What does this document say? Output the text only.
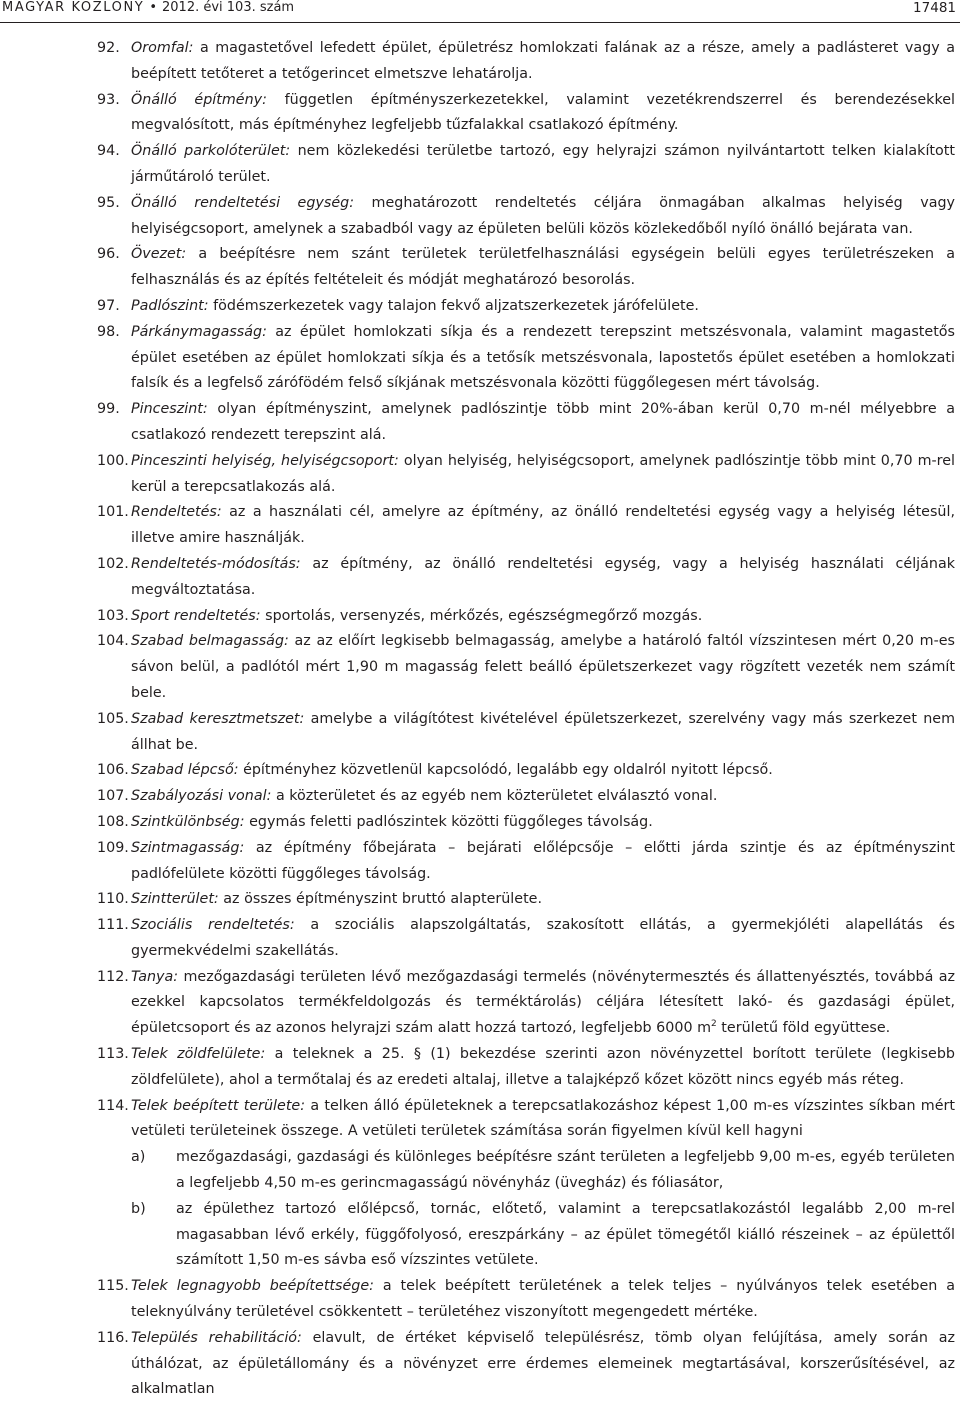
MAGYAR KÖZLÖNY • 2012. évi 103. szám	17481
92. Oromfal: a magastetővel lefedett épület, épületrész homlokzati falának az a része, amely a padlásteret vagy a beépített tetőteret a tetőgerincet elmetszve lehatárolja.
93. Önálló építmény: független építményszerkezetekkel, valamint vezetékrendszerrel és berendezésekkel megvalósított, más építményhez legfeljebb tűzfalakkal csatlakozó építmény.
94. Önálló parkolóterület: nem közlekedési területbe tartozó, egy helyrajzi számon nyilvántartott telken kialakított járműtároló terület.
95. Önálló rendeltetési egység: meghatározott rendeltetés céljára önmagában alkalmas helyiség vagy helyiségcsoport, amelynek a szabadból vagy az épületen belüli közös közlekedőből nyíló önálló bejárata van.
96. Övezet: a beépítésre nem szánt területek területfelhasználási egységein belüli egyes területrészeken a felhasználás és az építés feltételeit és módját meghatározó besorolás.
97. Padlószint: födémszerkezetek vagy talajon fekvő aljzatszerkezetek járófelülete.
98. Párkánymagasság: az épület homlokzati síkja és a rendezett terepszint metszésvonala, valamint magastetős épület esetében az épület homlokzati síkja és a tetősík metszésvonala, lapostetős épület esetében a homlokzati falsík és a legfelső zárófödém felső síkjának metszésvonala közötti függőlegesen mért távolság.
99. Pinceszint: olyan építményszint, amelynek padlószintje több mint 20%-ában kerül 0,70 m-nél mélyebbre a csatlakozó rendezett terepszint alá.
100. Pinceszinti helyiség, helyiségcsoport: olyan helyiség, helyiségcsoport, amelynek padlószintje több mint 0,70 m-rel kerül a terepcsatlakozás alá.
101. Rendeltetés: az a használati cél, amelyre az építmény, az önálló rendeltetési egység vagy a helyiség létesül, illetve amire használják.
102. Rendeltetés-módosítás: az építmény, az önálló rendeltetési egység, vagy a helyiség használati céljának megváltoztatása.
103. Sport rendeltetés: sportolás, versenyzés, mérkőzés, egészségmegőrző mozgás.
104. Szabad belmagasság: az az előírt legkisebb belmagasság, amelybe a határoló faltól vízszintesen mért 0,20 m-es sávon belül, a padlótól mért 1,90 m magasság felett beálló épületszerkezet vagy rögzített vezeték nem számít bele.
105. Szabad keresztmetszet: amelybe a világítótest kivételével épületszerkezet, szerelvény vagy más szerkezet nem állhat be.
106. Szabad lépcső: építményhez közvetlenül kapcsolódó, legalább egy oldalról nyitott lépcső.
107. Szabályozási vonal: a közterületet és az egyéb nem közterületet elválasztó vonal.
108. Szintkülönbség: egymás feletti padlószintek közötti függőleges távolság.
109. Szintmagasság: az építmény főbejárata – bejárati előlépcsője – előtti járda szintje és az építményszint padlófelülete közötti függőleges távolság.
110. Szintterület: az összes építményszint bruttó alapterülete.
111. Szociális rendeltetés: a szociális alapszolgáltatás, szakosított ellátás, a gyermekjóléti alapellátás és gyermekvédelmi szakellátás.
112. Tanya: mezőgazdasági területen lévő mezőgazdasági termelés (növénytermesztés és állattenyésztés, továbbá az ezekkel kapcsolatos termékfeldolgozás és terméktárolás) céljára létesített lakó- és gazdasági épület, épületcsoport és az azonos helyrajzi szám alatt hozzá tartozó, legfeljebb 6000 $m^2$ területű föld együttese.
113. Telek zöldfelülete: a teleknek a 25. § (1) bekezdése szerinti azon növényzettel borított területe (legkisebb zöldfelülete), ahol a termőtalaj és az eredeti altalaj, illetve a talajképző kőzet között nincs egyéb más réteg.
114. Telek beépített területe: a telken álló épületeknek a terepcsatlakozáshoz képest 1,00 m-es vízszintes síkban mért vetületi területeinek összege. A vetületi területek számítása során figyelmen kívül kell hagyni
a) mezőgazdasági, gazdasági és különleges beépítésre szánt területen a legfeljebb 9,00 m-es, egyéb területen a legfeljebb 4,50 m-es gerincmagasságú növényház (üvegház) és fóliasátor,
b) az épülethez tartozó előlépcső, tornác, előtető, valamint a terepcsatlakozástól legalább 2,00 m-rel magasabban lévő erkély, függőfolyosó, ereszpárkány – az épület tömegétől kiálló részeinek – az épülettől számított 1,50 m-es sávba eső vízszintes vetülete.
115. Telek legnagyobb beépítettsége: a telek beépített területének a telek teljes – nyúlványos telek esetében a teleknyúlvány területével csökkentett – területéhez viszonyított megengedett mértéke.
116. Település rehabilitáció: elavult, de értéket képviselő településrész, tömb olyan felújítása, amely során az úthálózat, az épületállomány és a növényzet erre érdemes elemeinek megtartásával, korszerűsítésével, az alkalmatlan
